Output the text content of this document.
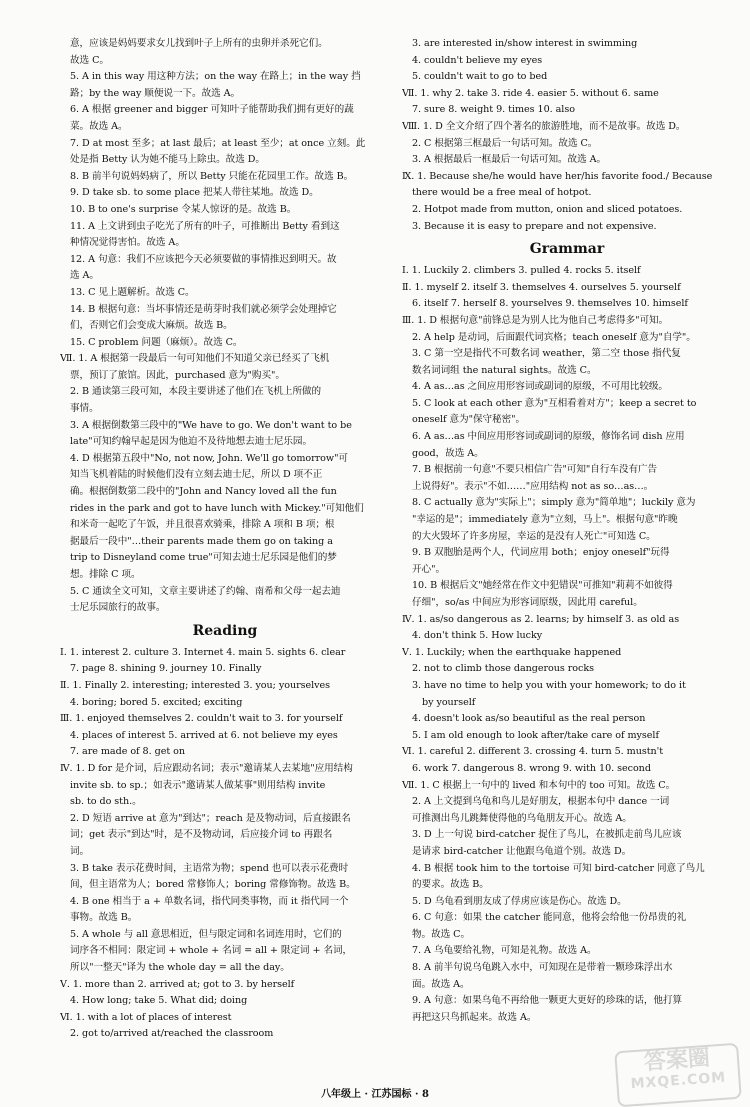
意，应该是妈妈要求女儿找到叶子上所有的虫卵并杀死它们。
故选 C。
5. A in this way 用这种方法；on the way 在路上；in the way 挡
路；by the way 顺便说一下。故选 A。
6. A 根据 greener and bigger 可知叶子能帮助我们拥有更好的蔬
菜。故选 A。
7. D at most 至多；at last 最后；at least 至少；at once 立刻。此
处是指 Betty 认为她不能马上除虫。故选 D。
8. B 前半句说妈妈病了，所以 Betty 只能在花园里工作。故选 B。
9. D take sb. to some place 把某人带往某地。故选 D。
10. B to one's surprise 令某人惊讶的是。故选 B。
11. A 上文讲到虫子吃光了所有的叶子，可推断出 Betty 看到这
种情况觉得害怕。故选 A。
12. A 句意：我们不应该把今天必须要做的事情推迟到明天。故
选 A。
13. C 见上题解析。故选 C。
14. B 根据句意：当坏事情还是萌芽时我们就必须学会处理掉它
们，否则它们会变成大麻烦。故选 B。
15. C problem 问题（麻烦）。故选 C。
Ⅶ. 1. A 根据第一段最后一句可知他们不知道父亲已经买了飞机
票，预订了旅馆。因此，purchased 意为"购买"。
2. B 通读第三段可知，本段主要讲述了他们在飞机上所做的
事情。
3. A 根据倒数第三段中的"We have to go. We don't want to be
late"可知约翰早起是因为他迫不及待地想去迪士尼乐园。
4. D 根据第五段中"No, not now, John. We'll go tomorrow"可
知当飞机着陆的时候他们没有立刻去迪士尼，所以 D 项不正
确。根据倒数第二段中的"John and Nancy loved all the fun
rides in the park and got to have lunch with Mickey."可知他们
和米奇一起吃了午饭，并且很喜欢骑乘，排除 A 项和 B 项；根
据最后一段中"…their parents made them go on taking a
trip to Disneyland come true"可知去迪士尼乐园是他们的梦
想。排除 C 项。
5. C 通读全文可知，文章主要讲述了约翰、南希和父母一起去迪
士尼乐园旅行的故事。
Reading
Ⅰ. 1. interest 2. culture 3. Internet 4. main 5. sights 6. clear
7. page 8. shining 9. journey 10. Finally
Ⅱ. 1. Finally 2. interesting; interested 3. you; yourselves
4. boring; bored 5. excited; exciting
Ⅲ. 1. enjoyed themselves 2. couldn't wait to 3. for yourself
4. places of interest 5. arrived at 6. not believe my eyes
7. are made of 8. get on
Ⅳ. 1. D for 是介词，后应跟动名词；表示"邀请某人去某地"应用结构
invite sb. to sp.；如表示"邀请某人做某事"则用结构 invite
sb. to do sth.。
2. D 短语 arrive at 意为"到达"；reach 是及物动词，后直接跟名
词；get 表示"到达"时，是不及物动词，后应接介词 to 再跟名
词。
3. B take 表示花费时间，主语常为物；spend 也可以表示花费时
间，但主语常为人；bored 常修饰人；boring 常修饰物。故选 B。
4. B one 相当于 a + 单数名词，指代同类事物，而 it 指代同一个
事物。故选 B。
5. A whole 与 all 意思相近，但与限定词和名词连用时，它们的
词序各不相同：限定词 + whole + 名词 = all + 限定词 + 名词，
所以"一整天"译为 the whole day = all the day。
Ⅴ. 1. more than 2. arrived at; got to 3. by herself
4. How long; take 5. What did; doing
Ⅵ. 1. with a lot of places of interest
2. got to/arrived at/reached the classroom
3. are interested in/show interest in swimming
4. couldn't believe my eyes
5. couldn't wait to go to bed
Ⅶ. 1. why 2. take 3. ride 4. easier 5. without 6. same
7. sure 8. weight 9. times 10. also
Ⅷ. 1. D 全文介绍了四个著名的旅游胜地，而不是故事。故选 D。
2. C 根据第三框最后一句话可知。故选 C。
3. A 根据最后一框最后一句话可知。故选 A。
Ⅸ. 1. Because she/he would have her/his favorite food./ Because
there would be a free meal of hotpot.
2. Hotpot made from mutton, onion and sliced potatoes.
3. Because it is easy to prepare and not expensive.
Grammar
Ⅰ. 1. Luckily 2. climbers 3. pulled 4. rocks 5. itself
Ⅱ. 1. myself 2. itself 3. themselves 4. ourselves 5. yourself
6. itself 7. herself 8. yourselves 9. themselves 10. himself
Ⅲ. 1. D 根据句意"前锋总是为别人比为他自己考虑得多"可知。
2. A help 是动词，后面跟代词宾格；teach oneself 意为"自学"。
3. C 第一空是指代不可数名词 weather，第二空 those 指代复
数名词词组 the natural sights。故选 C。
4. A as…as 之间应用形容词或副词的原级，不可用比较级。
5. C look at each other 意为"互相看着对方"；keep a secret to
oneself 意为"保守秘密"。
6. A as…as 中间应用形容词或副词的原级，修饰名词 dish 应用
good，故选 A。
7. B 根据前一句意"不要只相信广告"可知"自行车没有广告
上说得好"。表示"不如……"应用结构 not as so…as…。
8. C actually 意为"实际上"；simply 意为"简单地"；luckily 意为
"幸运的是"；immediately 意为"立刻，马上"。根据句意"昨晚
的大火毁坏了许多房屋，幸运的是没有人死亡"可知选 C。
9. B 双胞胎是两个人，代词应用 both；enjoy oneself"玩得
开心"。
10. B 根据后文"她经常在作文中犯错误"可推知"莉莉不如彼得
仔细"，so/as 中间应为形容词原级，因此用 careful。
Ⅳ. 1. as/so dangerous as 2. learns; by himself 3. as old as
4. don't think 5. How lucky
Ⅴ. 1. Luckily; when the earthquake happened
2. not to climb those dangerous rocks
3. have no time to help you with your homework; to do it
by yourself
4. doesn't look as/so beautiful as the real person
5. I am old enough to look after/take care of myself
Ⅵ. 1. careful 2. different 3. crossing 4. turn 5. mustn't
6. work 7. dangerous 8. wrong 9. with 10. second
Ⅶ. 1. C 根据上一句中的 lived 和本句中的 too 可知。故选 C。
2. A 上文提到乌龟和鸟儿是好朋友，根据本句中 dance 一词
可推测出鸟儿跳舞使得他的乌龟朋友开心。故选 A。
3. D 上一句说 bird-catcher 捉住了鸟儿，在被抓走前鸟儿应该
是请求 bird-catcher 让他跟乌龟道个别。故选 D。
4. B 根据 took him to the tortoise 可知 bird-catcher 同意了鸟儿
的要求。故选 B。
5. D 乌龟看到朋友成了俘虏应该是伤心。故选 D。
6. C 句意：如果 the catcher 能同意，他将会给他一份昂贵的礼
物。故选 C。
7. A 乌龟要给礼物，可知是礼物。故选 A。
8. A 前半句说乌龟跳入水中，可知现在是带着一颗珍珠浮出水
面。故选 A。
9. A 句意：如果乌龟不再给他一颗更大更好的珍珠的话，他打算
再把这只鸟抓起来。故选 A。
八年级上 · 江苏国标 · 8
答案圈
MXQE.COM
